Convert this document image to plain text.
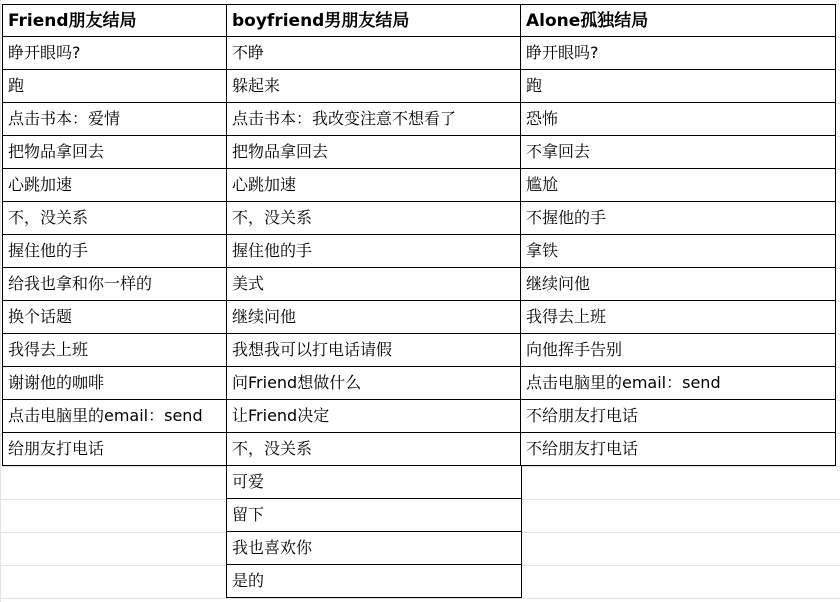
Friend朋友结局
睁开眼吗?
跑
点击书本：爱情
把物品拿回去
心跳加速
不，没关系
握住他的手
给我也拿和你一样的
换个话题
我得去上班
谢谢他的咖啡
点击电脑里的email：send
给朋友打电话
boyfriend男朋友结局
不睁
躲起来
点击书本：我改变注意不想看了
把物品拿回去
心跳加速
不，没关系
握住他的手
美式
继续问他
我想我可以打电话请假
问Friend想做什么
让Friend决定
不，没关系
可爱
留下
我也喜欢你
是的
Alone孤独结局
睁开眼吗?
跑
恐怖
不拿回去
尴尬
不握他的手
拿铁
继续问他
我得去上班
向他挥手告别
点击电脑里的email：send
不给朋友打电话
不给朋友打电话
